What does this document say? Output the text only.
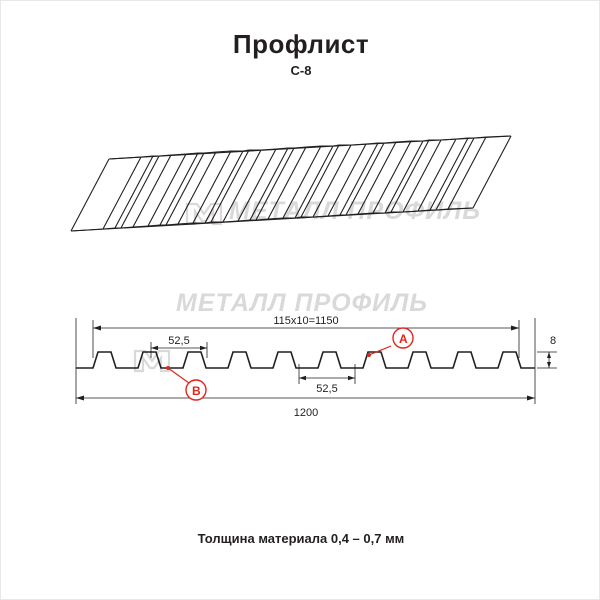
Профлист
С-8
МЕТАЛЛ ПРОФИЛЬ
МЕТАЛЛ ПРОФИЛЬ
115х10=1150
52,5
52,5
1200
8
A
B
Толщина материала 0,4 – 0,7 мм
